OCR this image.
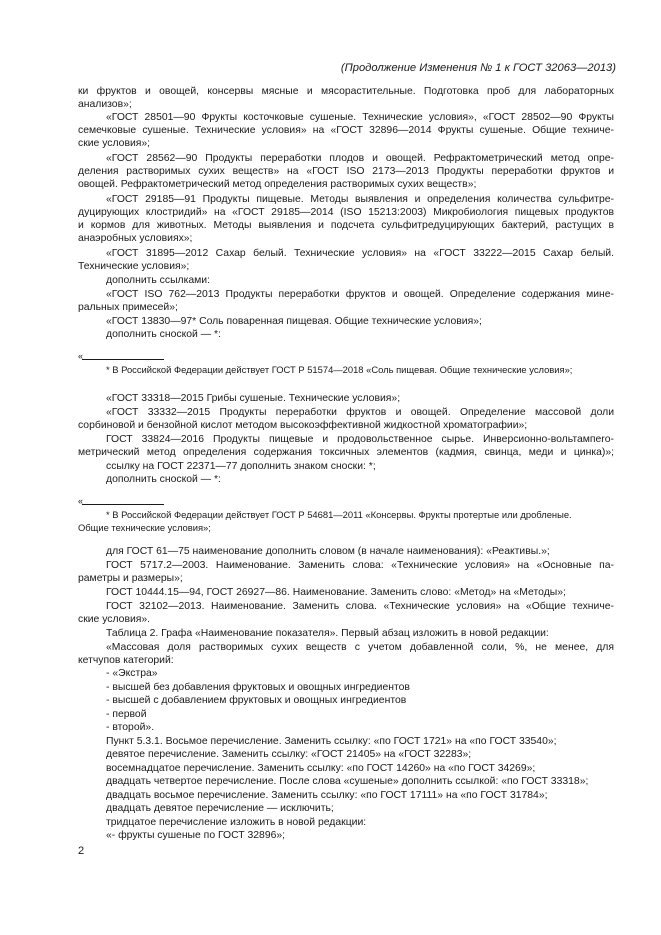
(Продолжение Изменения № 1 к ГОСТ 32063—2013)
ки фруктов и овощей, консервы мясные и мясорастительные. Подготовка проб для лабораторных
анализов»;
«ГОСТ 28501—90 Фрукты косточковые сушеные. Технические условия», «ГОСТ 28502—90 Фрукты
семечковые сушеные. Технические условия» на «ГОСТ 32896—2014 Фрукты сушеные. Общие техниче-
ские условия»;
«ГОСТ 28562—90 Продукты переработки плодов и овощей. Рефрактометрический метод опре-
деления растворимых сухих веществ» на «ГОСТ ISO 2173—2013 Продукты переработки фруктов и
овощей. Рефрактометрический метод определения растворимых сухих веществ»;
«ГОСТ 29185—91 Продукты пищевые. Методы выявления и определения количества сульфитре-
дуцирующих клостридий» на «ГОСТ 29185—2014 (ISO 15213:2003) Микробиология пищевых продуктов
и кормов для животных. Методы выявления и подсчета сульфитредуцирующих бактерий, растущих в
анаэробных условиях»;
«ГОСТ 31895—2012 Сахар белый. Технические условия» на «ГОСТ 33222—2015 Сахар белый.
Технические условия»;
дополнить ссылками:
«ГОСТ ISO 762—2013 Продукты переработки фруктов и овощей. Определение содержания мине-
ральных примесей»;
«ГОСТ 13830—97* Соль поваренная пищевая. Общие технические условия»;
дополнить сноской — *:
«
* В Российской Федерации действует ГОСТ Р 51574—2018 «Соль пищевая. Общие технические условия»;
«ГОСТ 33318—2015 Грибы сушеные. Технические условия»;
«ГОСТ 33332—2015 Продукты переработки фруктов и овощей. Определение массовой доли
сорбиновой и бензойной кислот методом высокоэффективной жидкостной хроматографии»;
ГОСТ 33824—2016 Продукты пищевые и продовольственное сырье. Инверсионно-вольтампero-
метрический метод определения содержания токсичных элементов (кадмия, свинца, меди и цинка)»;
ссылку на ГОСТ 22371—77 дополнить знаком сноски: *;
дополнить сноской — *:
«
* В Российской Федерации действует ГОСТ Р 54681—2011 «Консервы. Фрукты протертые или дробленые.
Общие технические условия»;
для ГОСТ 61—75 наименование дополнить словом (в начале наименования): «Реактивы.»;
ГОСТ 5717.2—2003. Наименование. Заменить слова: «Технические условия» на «Основные па-
раметры и размеры»;
ГОСТ 10444.15—94, ГОСТ 26927—86. Наименование. Заменить слово: «Метод» на «Методы»;
ГОСТ 32102—2013. Наименование. Заменить слова. «Технические условия» на «Общие техниче-
ские условия».
Таблица 2. Графа «Наименование показателя». Первый абзац изложить в новой редакции:
«Массовая доля растворимых сухих веществ с учетом добавленной соли, %, не менее, для
кетчупов категорий:
- «Экстра»
- высшей без добавления фруктовых и овощных ингредиентов
- высшей с добавлением фруктовых и овощных ингредиентов
- первой
- второй».
Пункт 5.3.1. Восьмое перечисление. Заменить ссылку: «по ГОСТ 1721» на «по ГОСТ 33540»;
девятое перечисление. Заменить ссылку: «ГОСТ 21405» на «ГОСТ 32283»;
восемнадцатое перечисление. Заменить ссылку: «по ГОСТ 14260» на «по ГОСТ 34269»;
двадцать четвертое перечисление. После слова «сушеные» дополнить ссылкой: «по ГОСТ 33318»;
двадцать восьмое перечисление. Заменить ссылку: «по ГОСТ 17111» на «по ГОСТ 31784»;
двадцать девятое перечисление — исключить;
тридцатое перечисление изложить в новой редакции:
«- фрукты сушеные по ГОСТ 32896»;
2
